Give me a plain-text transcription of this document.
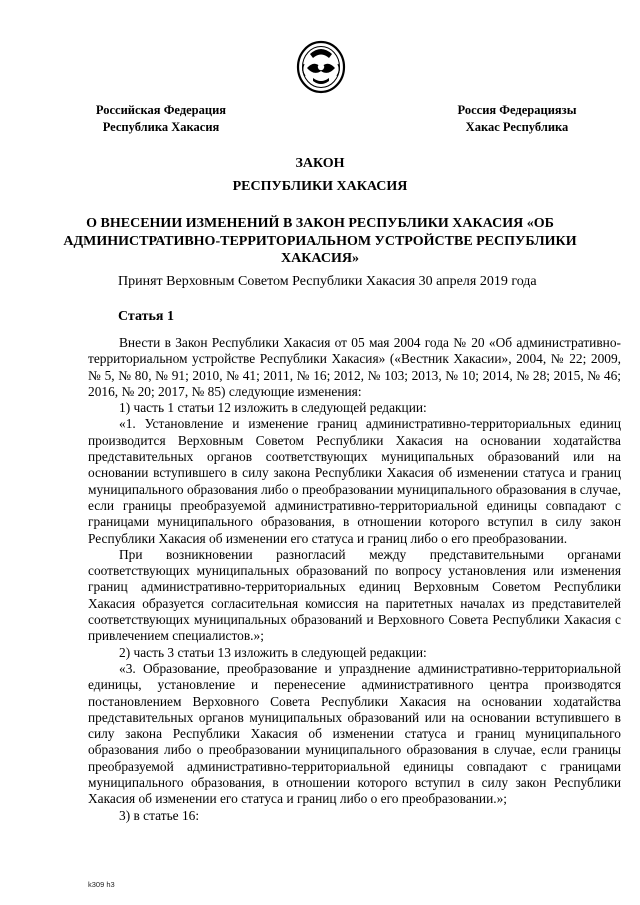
Российская Федерация
Республика Хакасия
Россия Федерациязы
Хакас Республика
ЗАКОН
РЕСПУБЛИКИ ХАКАСИЯ
О ВНЕСЕНИИ ИЗМЕНЕНИЙ В ЗАКОН РЕСПУБЛИКИ ХАКАСИЯ «ОБ АДМИНИСТРАТИВНО-ТЕРРИТОРИАЛЬНОМ УСТРОЙСТВЕ РЕСПУБЛИКИ ХАКАСИЯ»
Принят Верховным Советом Республики Хакасия 30 апреля 2019 года
Статья 1

Внести в Закон Республики Хакасия от 05 мая 2004 года № 20 «Об административно-территориальном устройстве Республики Хакасия» («Вестник Хакасии», 2004, № 22; 2009, № 5, № 80, № 91; 2010, № 41; 2011, № 16; 2012, № 103; 2013, № 10; 2014, № 28; 2015, № 46; 2016, № 20; 2017, № 85) следующие изменения:

1) часть 1 статьи 12 изложить в следующей редакции:

«1. Установление и изменение границ административно-территориальных единиц производится Верховным Советом Республики Хакасия на основании ходатайства представительных органов соответствующих муниципальных образований или на основании вступившего в силу закона Республики Хакасия об изменении статуса и границ муниципального образования либо о преобразовании муниципального образования в случае, если границы преобразуемой административно-территориальной единицы совпадают с границами муниципального образования, в отношении которого вступил в силу закон Республики Хакасия об изменении его статуса и границ либо о его преобразовании.

При возникновении разногласий между представительными органами соответствующих муниципальных образований по вопросу установления или изменения границ административно-территориальных единиц Верховным Советом Республики Хакасия образуется согласительная комиссия на паритетных началах из представителей соответствующих муниципальных образований и Верховного Совета Республики Хакасия с привлечением специалистов.»;

2) часть 3 статьи 13 изложить в следующей редакции:

«3. Образование, преобразование и упразднение административно-территориальной единицы, установление и перенесение административного центра производятся постановлением Верховного Совета Республики Хакасия на основании ходатайства представительных органов муниципальных образований или на основании вступившего в силу закона Республики Хакасия об изменении статуса и границ муниципального образования либо о преобразовании муниципального образования в случае, если границы преобразуемой административно-территориальной единицы совпадают с границами муниципального образования, в отношении которого вступил в силу закон Республики Хакасия об изменении его статуса и границ либо о его преобразовании.»;

3) в статье 16:

k309 h3
